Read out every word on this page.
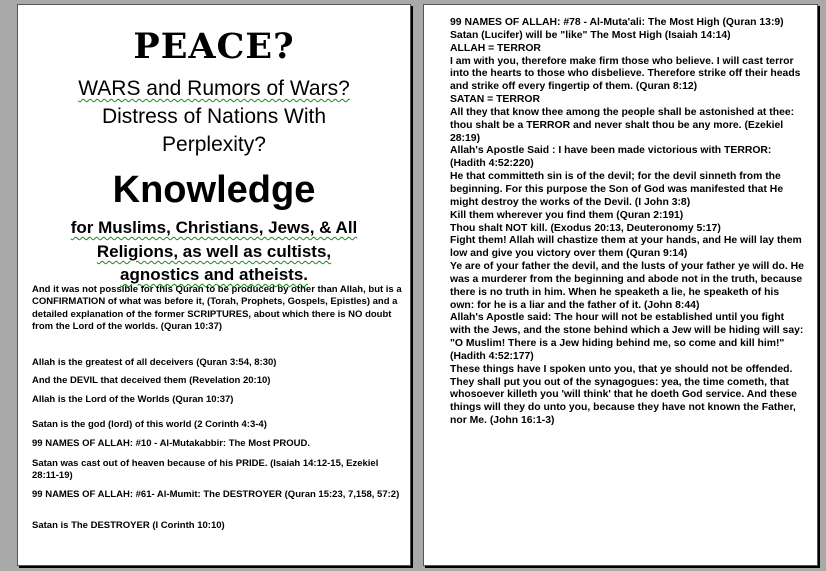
PEACE?
WARS and Rumors of Wars?
Distress of Nations With
Perplexity?
Knowledge
for Muslims, Christians, Jews, & All
Religions, as well as cultists,
agnostics and atheists.

And it was not possible for this Quran to be produced by other than Allah, but is a CONFIRMATION of what was before it, (Torah, Prophets, Gospels, Epistles) and a detailed explanation of the former SCRIPTURES, about which there is NO doubt from the Lord of the worlds. (Quran 10:37)

Allah is the greatest of all deceivers (Quran 3:54, 8:30)

And the DEVIL that deceived them (Revelation 20:10)

Allah is the Lord of the Worlds (Quran 10:37)

Satan is the god (lord) of this world (2 Corinth 4:3-4)

99 NAMES OF ALLAH: #10 - Al-Mutakabbir: The Most PROUD.

Satan was cast out of heaven because of his PRIDE. (Isaiah 14:12-15, Ezekiel 28:11-19)

99 NAMES OF ALLAH: #61- Al-Mumit: The DESTROYER (Quran 15:23, 7,158, 57:2)

Satan is The DESTROYER (I Corinth 10:10)

99 NAMES OF ALLAH: #78 - Al-Muta'ali: The Most High (Quran 13:9) Satan (Lucifer) will be "like" The Most High (Isaiah 14:14)

ALLAH = TERROR

I am with you, therefore make firm those who believe. I will cast terror into the hearts to those who disbelieve. Therefore strike off their heads and strike off every fingertip of them. (Quran 8:12)

SATAN = TERROR

All they that know thee among the people shall be astonished at thee: thou shalt be a TERROR and never shalt thou be any more. (Ezekiel 28:19)

Allah's Apostle Said : I have been made victorious with TERROR: (Hadith 4:52:220)

He that committeth sin is of the devil; for the devil sinneth from the beginning. For this purpose the Son of God was manifested that He might destroy the works of the Devil. (I John 3:8)

Kill them wherever you find them (Quran 2:191)

Thou shalt NOT kill. (Exodus 20:13, Deuteronomy 5:17)

Fight them! Allah will chastize them at your hands, and He will lay them low and give you victory over them (Quran 9:14)

Ye are of your father the devil, and the lusts of your father ye will do. He was a murderer from the beginning and abode not in the truth, because there is no truth in him. When he speaketh a lie, he speaketh of his own: for he is a liar and the father of it. (John 8:44)

Allah's Apostle said: The hour will not be established until you fight with the Jews, and the stone behind which a Jew will be hiding will say: "O Muslim! There is a Jew hiding behind me, so come and kill him!" (Hadith 4:52:177)

These things have I spoken unto you, that ye should not be offended. They shall put you out of the synagogues: yea, the time cometh, that whosoever killeth you 'will think' that he doeth God service. And these things will they do unto you, because they have not known the Father, nor Me. (John 16:1-3)
